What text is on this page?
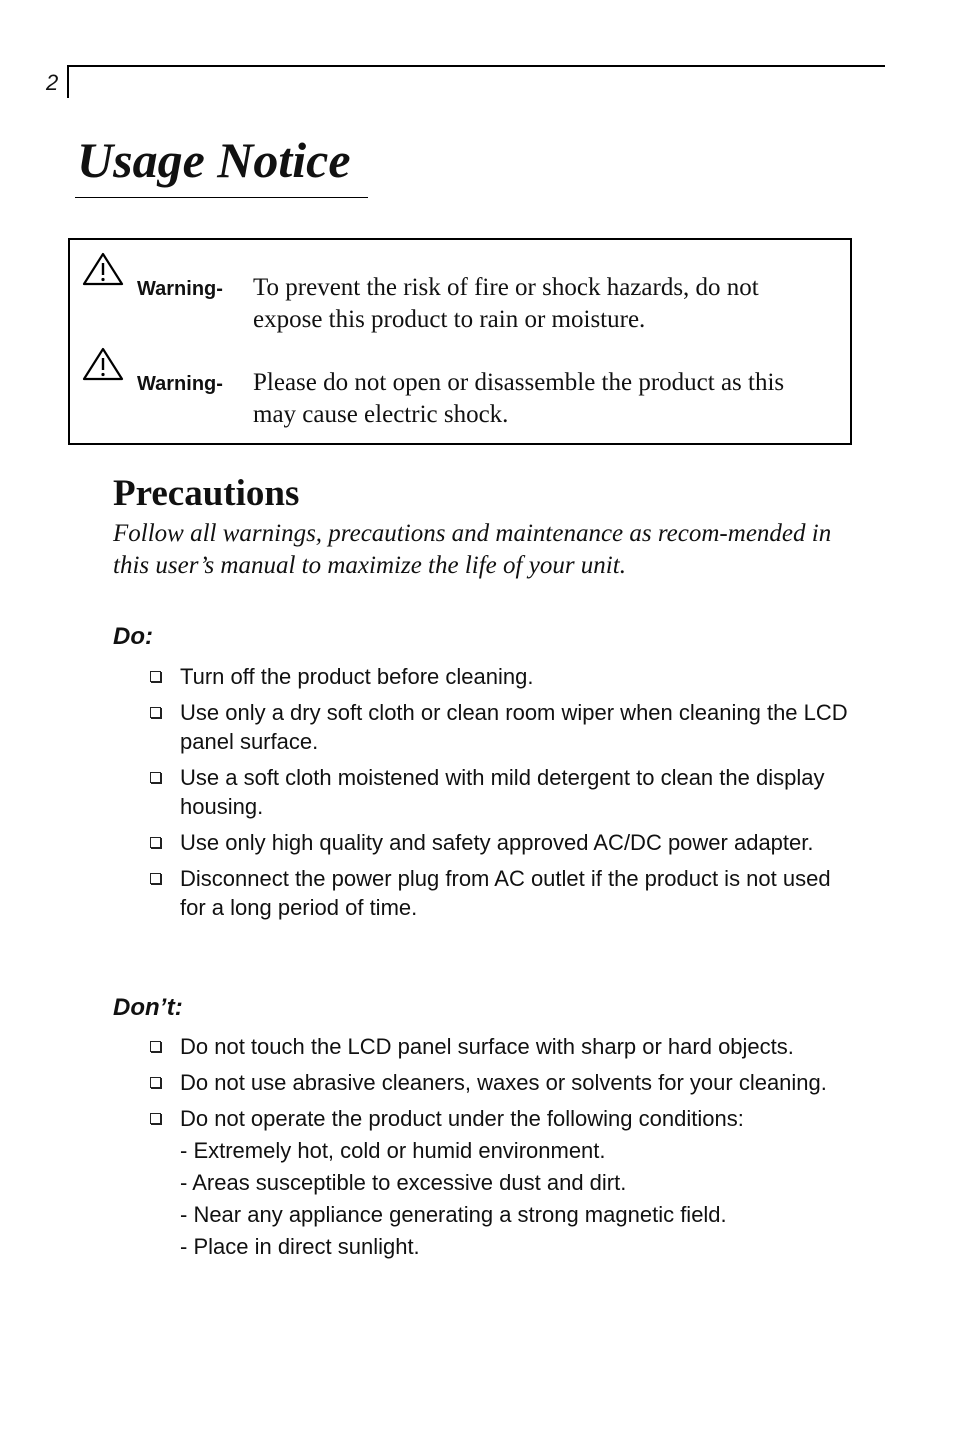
2
Usage Notice
Warning- To prevent the risk of fire or shock hazards, do not expose this product to rain or moisture.
Warning- Please do not open or disassemble the product as this may cause electric shock.
Precautions

Follow all warnings, precautions and maintenance as recom-mended in this user’s manual to maximize the life of your unit.

Do:
Turn off the product before cleaning.
Use only a dry soft cloth or clean room wiper when cleaning the LCD panel surface.
Use a soft cloth moistened with mild detergent to clean the display housing.
Use only high quality and safety approved AC/DC power adapter.
Disconnect the power plug from AC outlet if the product is not used for a long period of time.
Don’t:
Do not touch the LCD panel surface with sharp or hard objects.
Do not use abrasive cleaners, waxes or solvents for your cleaning.
Do not operate the product under the following conditions:
- Extremely hot, cold or humid environment.
- Areas susceptible to excessive dust and dirt.
- Near any appliance generating a strong magnetic field.
- Place in direct sunlight.
